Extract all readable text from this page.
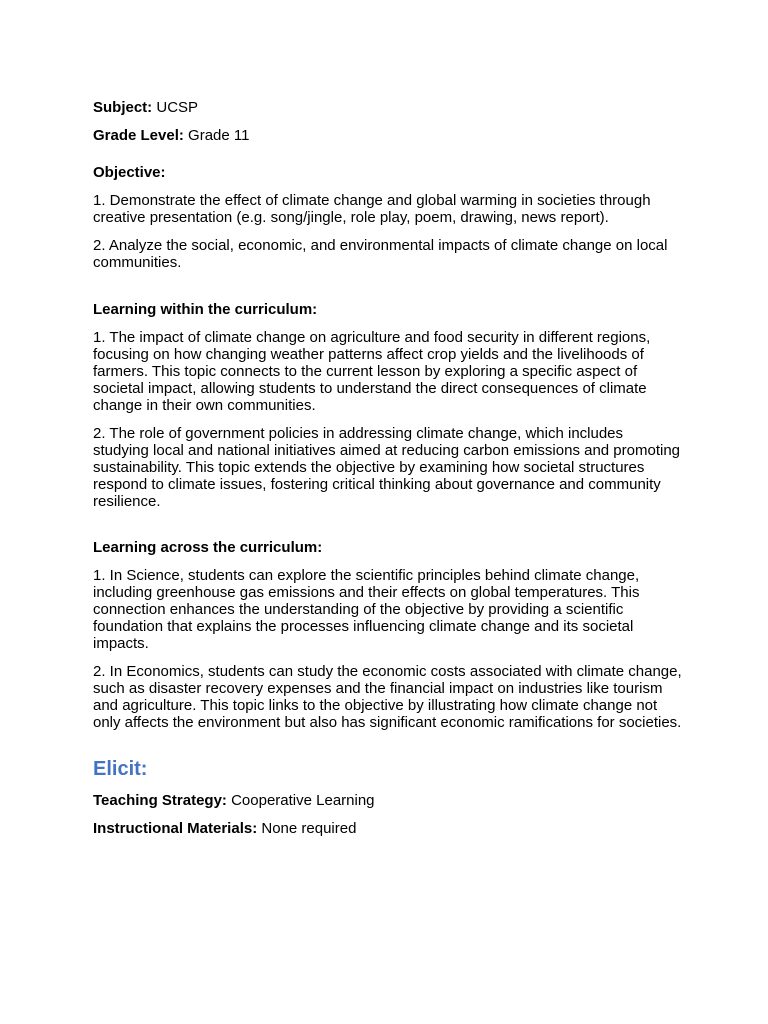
Subject: UCSP

Grade Level: Grade 11

Objective:

1. Demonstrate the effect of climate change and global warming in societies through creative presentation (e.g. song/jingle, role play, poem, drawing, news report).

2. Analyze the social, economic, and environmental impacts of climate change on local communities.

Learning within the curriculum:

1. The impact of climate change on agriculture and food security in different regions, focusing on how changing weather patterns affect crop yields and the livelihoods of farmers. This topic connects to the current lesson by exploring a specific aspect of societal impact, allowing students to understand the direct consequences of climate change in their own communities.

2. The role of government policies in addressing climate change, which includes studying local and national initiatives aimed at reducing carbon emissions and promoting sustainability. This topic extends the objective by examining how societal structures respond to climate issues, fostering critical thinking about governance and community resilience.

Learning across the curriculum:

1. In Science, students can explore the scientific principles behind climate change, including greenhouse gas emissions and their effects on global temperatures. This connection enhances the understanding of the objective by providing a scientific foundation that explains the processes influencing climate change and its societal impacts.

2. In Economics, students can study the economic costs associated with climate change, such as disaster recovery expenses and the financial impact on industries like tourism and agriculture. This topic links to the objective by illustrating how climate change not only affects the environment but also has significant economic ramifications for societies.

Elicit:

Teaching Strategy: Cooperative Learning

Instructional Materials: None required
